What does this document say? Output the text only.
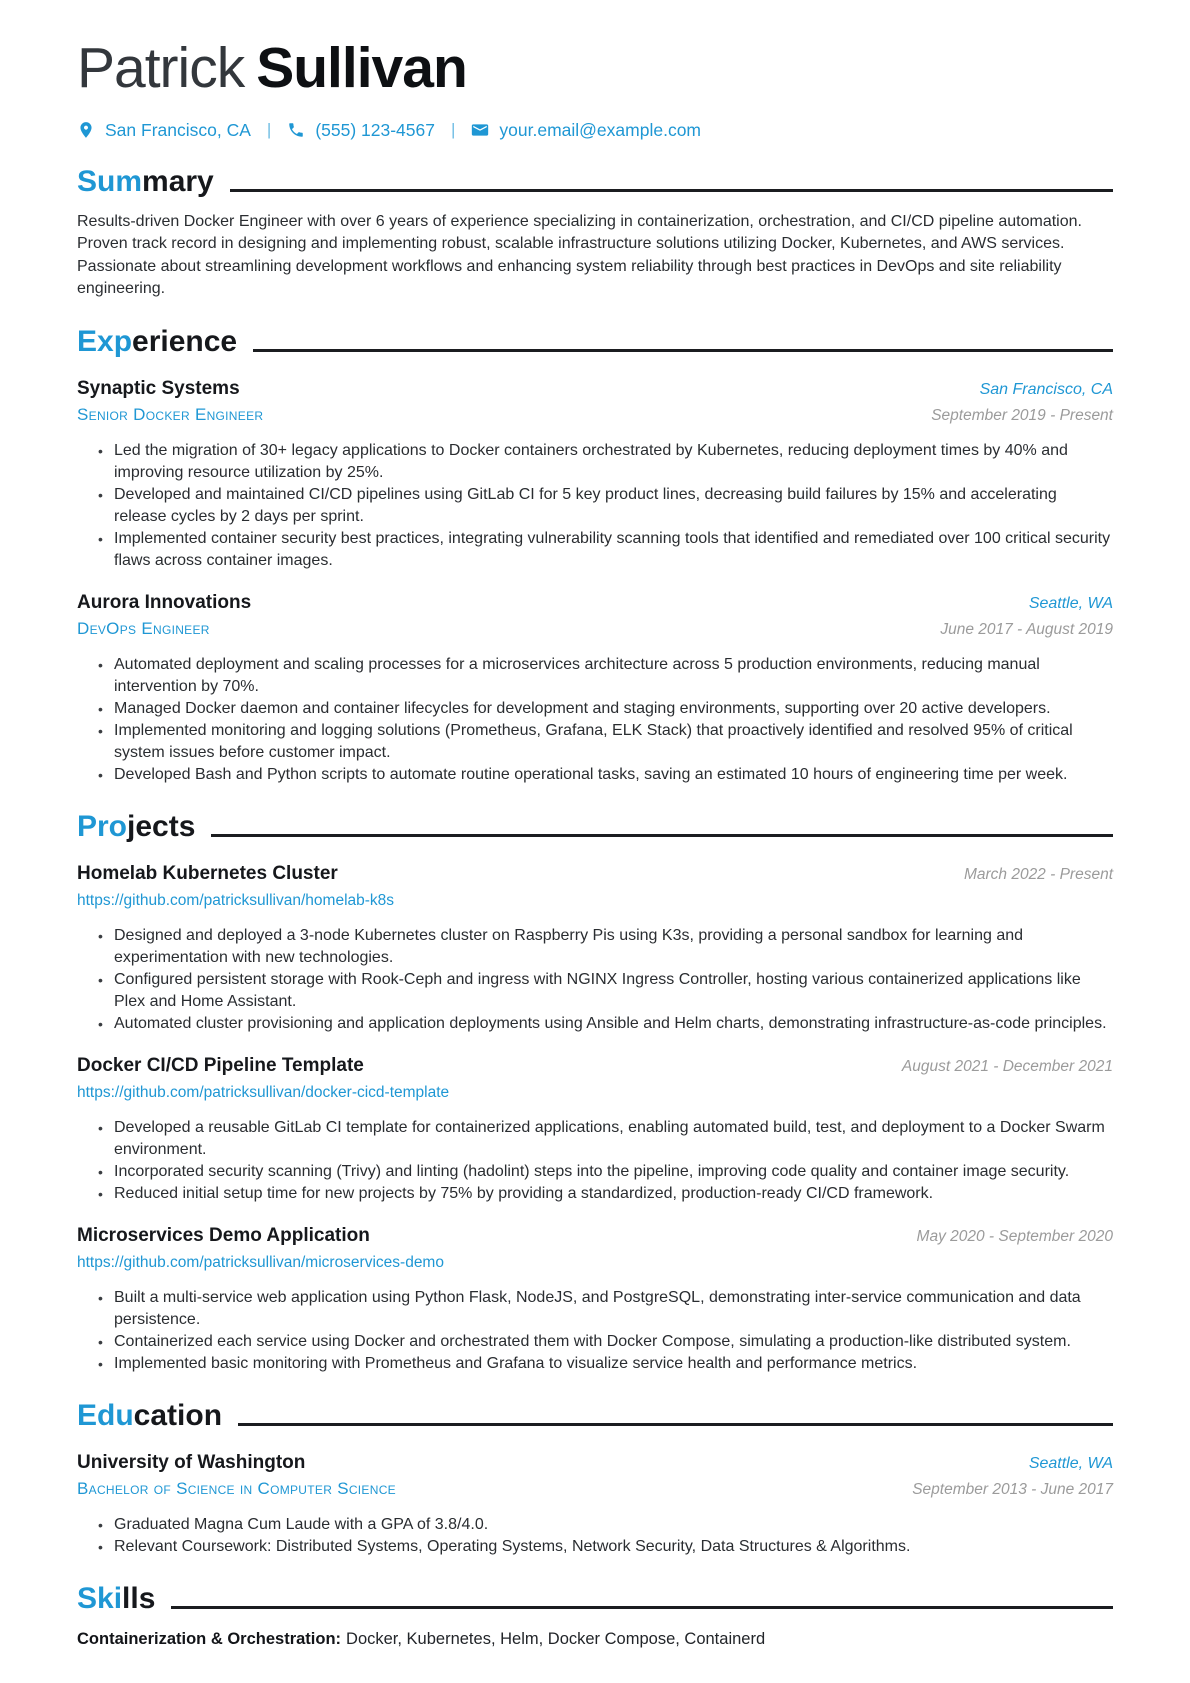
Patrick Sullivan
San Francisco, CA |	(555) 123-4567 |	your.email@example.com
Summary

Results-driven Docker Engineer with over 6 years of experience specializing in containerization, orchestration, and CI/CD pipeline automation. Proven track record in designing and implementing robust, scalable infrastructure solutions utilizing Docker, Kubernetes, and AWS services. Passionate about streamlining development workflows and enhancing system reliability through best practices in DevOps and site reliability engineering.

Experience
Synaptic Systems	San Francisco, CA
Senior Docker Engineer	September 2019 - Present
• Led the migration of 30+ legacy applications to Docker containers orchestrated by Kubernetes, reducing deployment times by 40% and improving resource utilization by 25%.
• Developed and maintained CI/CD pipelines using GitLab CI for 5 key product lines, decreasing build failures by 15% and accelerating release cycles by 2 days per sprint.
• Implemented container security best practices, integrating vulnerability scanning tools that identified and remediated over 100 critical security flaws across container images.
Aurora Innovations	Seattle, WA
DevOps Engineer	June 2017 - August 2019
• Automated deployment and scaling processes for a microservices architecture across 5 production environments, reducing manual intervention by 70%.
• Managed Docker daemon and container lifecycles for development and staging environments, supporting over 20 active developers.
• Implemented monitoring and logging solutions (Prometheus, Grafana, ELK Stack) that proactively identified and resolved 95% of critical system issues before customer impact.
• Developed Bash and Python scripts to automate routine operational tasks, saving an estimated 10 hours of engineering time per week.
Projects
Homelab Kubernetes Cluster	March 2022 - Present
https://github.com/patricksullivan/homelab-k8s
• Designed and deployed a 3-node Kubernetes cluster on Raspberry Pis using K3s, providing a personal sandbox for learning and experimentation with new technologies.
• Configured persistent storage with Rook-Ceph and ingress with NGINX Ingress Controller, hosting various containerized applications like Plex and Home Assistant.
• Automated cluster provisioning and application deployments using Ansible and Helm charts, demonstrating infrastructure-as-code principles.
Docker CI/CD Pipeline Template	August 2021 - December 2021
https://github.com/patricksullivan/docker-cicd-template
• Developed a reusable GitLab CI template for containerized applications, enabling automated build, test, and deployment to a Docker Swarm environment.
• Incorporated security scanning (Trivy) and linting (hadolint) steps into the pipeline, improving code quality and container image security.
• Reduced initial setup time for new projects by 75% by providing a standardized, production-ready CI/CD framework.
Microservices Demo Application	May 2020 - September 2020
https://github.com/patricksullivan/microservices-demo
• Built a multi-service web application using Python Flask, NodeJS, and PostgreSQL, demonstrating inter-service communication and data persistence.
• Containerized each service using Docker and orchestrated them with Docker Compose, simulating a production-like distributed system.
• Implemented basic monitoring with Prometheus and Grafana to visualize service health and performance metrics.
Education
University of Washington	Seattle, WA
Bachelor of Science in Computer Science	September 2013 - June 2017
• Graduated Magna Cum Laude with a GPA of 3.8/4.0.
• Relevant Coursework: Distributed Systems, Operating Systems, Network Security, Data Structures & Algorithms.
Skills

Containerization & Orchestration: Docker, Kubernetes, Helm, Docker Compose, Containerd
